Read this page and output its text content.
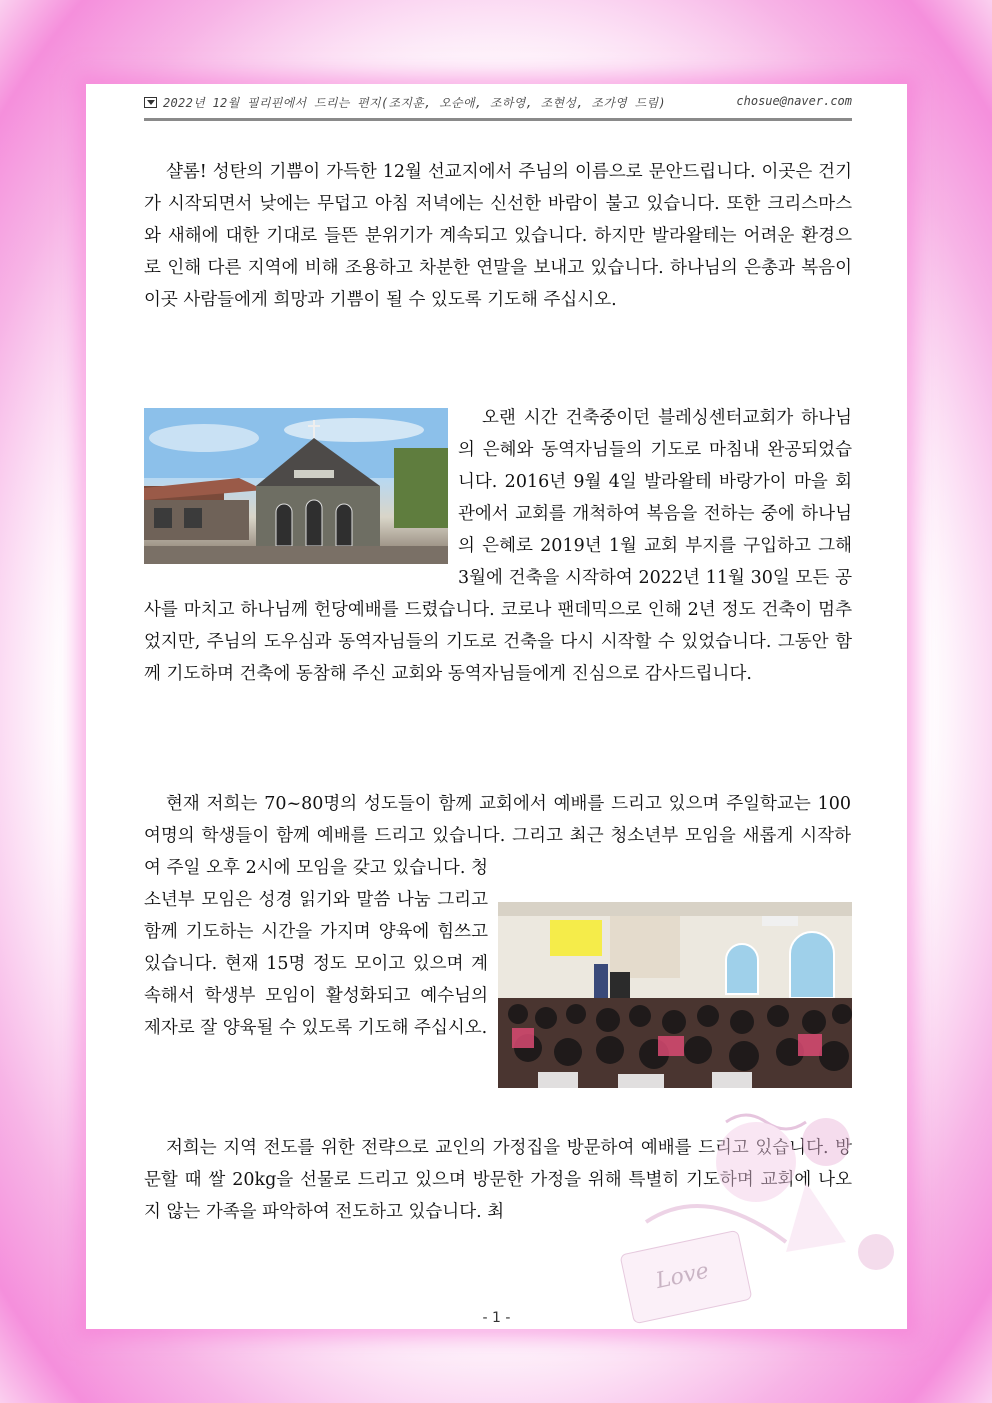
2022년 12월 필리핀에서 드리는 편지(조지훈, 오순애, 조하영, 조현성, 조가영 드림)	chosue@naver.com

샬롬! 성탄의 기쁨이 가득한 12월 선교지에서 주님의 이름으로 문안드립니다. 이곳은 건기가 시작되면서 낮에는 무덥고 아침 저녁에는 신선한 바람이 불고 있습니다. 또한 크리스마스와 새해에 대한 기대로 들뜬 분위기가 계속되고 있습니다. 하지만 발라왈테는 어려운 환경으로 인해 다른 지역에 비해 조용하고 차분한 연말을 보내고 있습니다. 하나님의 은총과 복음이 이곳 사람들에게 희망과 기쁨이 될 수 있도록 기도해 주십시오.

오랜 시간 건축중이던 블레싱센터교회가 하나님의 은혜와 동역자님들의 기도로 마침내 완공되었습니다. 2016년 9월 4일 발라왈테 바랑가이 마을 회관에서 교회를 개척하여 복음을 전하는 중에 하나님의 은혜로 2019년 1월 교회 부지를 구입하고 그해 3월에 건축을 시작하여 2022년 11월 30일 모든 공사를 마치고 하나님께 헌당예배를 드렸습니다. 코로나 팬데믹으로 인해 2년 정도 건축이 멈추었지만, 주님의 도우심과 동역자님들의 기도로 건축을 다시 시작할 수 있었습니다. 그동안 함께 기도하며 건축에 동참해 주신 교회와 동역자님들에게 진심으로 감사드립니다.

현재 저희는 70~80명의 성도들이 함께 교회에서 예배를 드리고 있으며 주일학교는 100여명의 학생들이 함께 예배를 드리고 있습니다. 그리고 최근 청소년부 모임을 새롭게 시작하여 주일 오후 2시에 모임을 갖고 있습니다. 청소년부 모임은 성경 읽기와 말씀 나눔 그리고 함께 기도하는 시간을 가지며 양육에 힘쓰고 있습니다. 현재 15명 정도 모이고 있으며 계속해서 학생부 모임이 활성화되고 예수님의 제자로 잘 양육될 수 있도록 기도해 주십시오.

저희는 지역 전도를 위한 전략으로 교인의 가정집을 방문하여 예배를 드리고 있습니다. 방문할 때 쌀 20kg을 선물로 드리고 있으며 방문한 가정을 위해 특별히 기도하며 교회에 나오지 않는 가족을 파악하여 전도하고 있습니다. 최

Love
- 1 -
